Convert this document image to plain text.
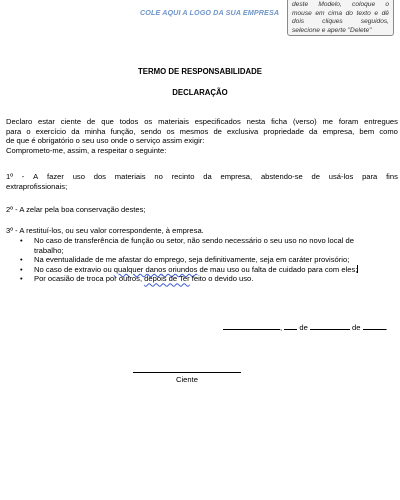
COLE AQUI A LOGO DA SUA EMPRESA
deste Modelo, coloque o
mouse em cima do texto e dê
dois	cliques	seguidos,
selecione e aperte "Delete"
TERMO DE RESPONSABILIDADE
DECLARAÇÃO
Declaro estar ciente de que todos os materiais especificados nesta ficha (verso) me foram entregues
para o exercício da minha função, sendo os mesmos de exclusiva propriedade da empresa, bem como
de que é obrigatório o seu uso onde o serviço assim exigir:
Comprometo-me, assim, a respeitar o seguinte:
1º - A fazer uso dos materiais no recinto da empresa, abstendo-se de usá-los para fins
extraprofissionais;
2º - A zelar pela boa conservação destes;
3º - A restituí-los, ou seu valor correspondente, à empresa.
• No caso de transferência de função ou setor, não sendo necessário o seu uso no novo local de
trabalho;
• Na eventualidade de me afastar do emprego, seja definitivamente, seja em caráter provisório;
• No caso de extravio ou qualquer danos oriundos de mau uso ou falta de cuidado para com eles;
• Por ocasião de troca por outros, depois de Ter feito o devido uso.
,  de	de	.
Ciente
